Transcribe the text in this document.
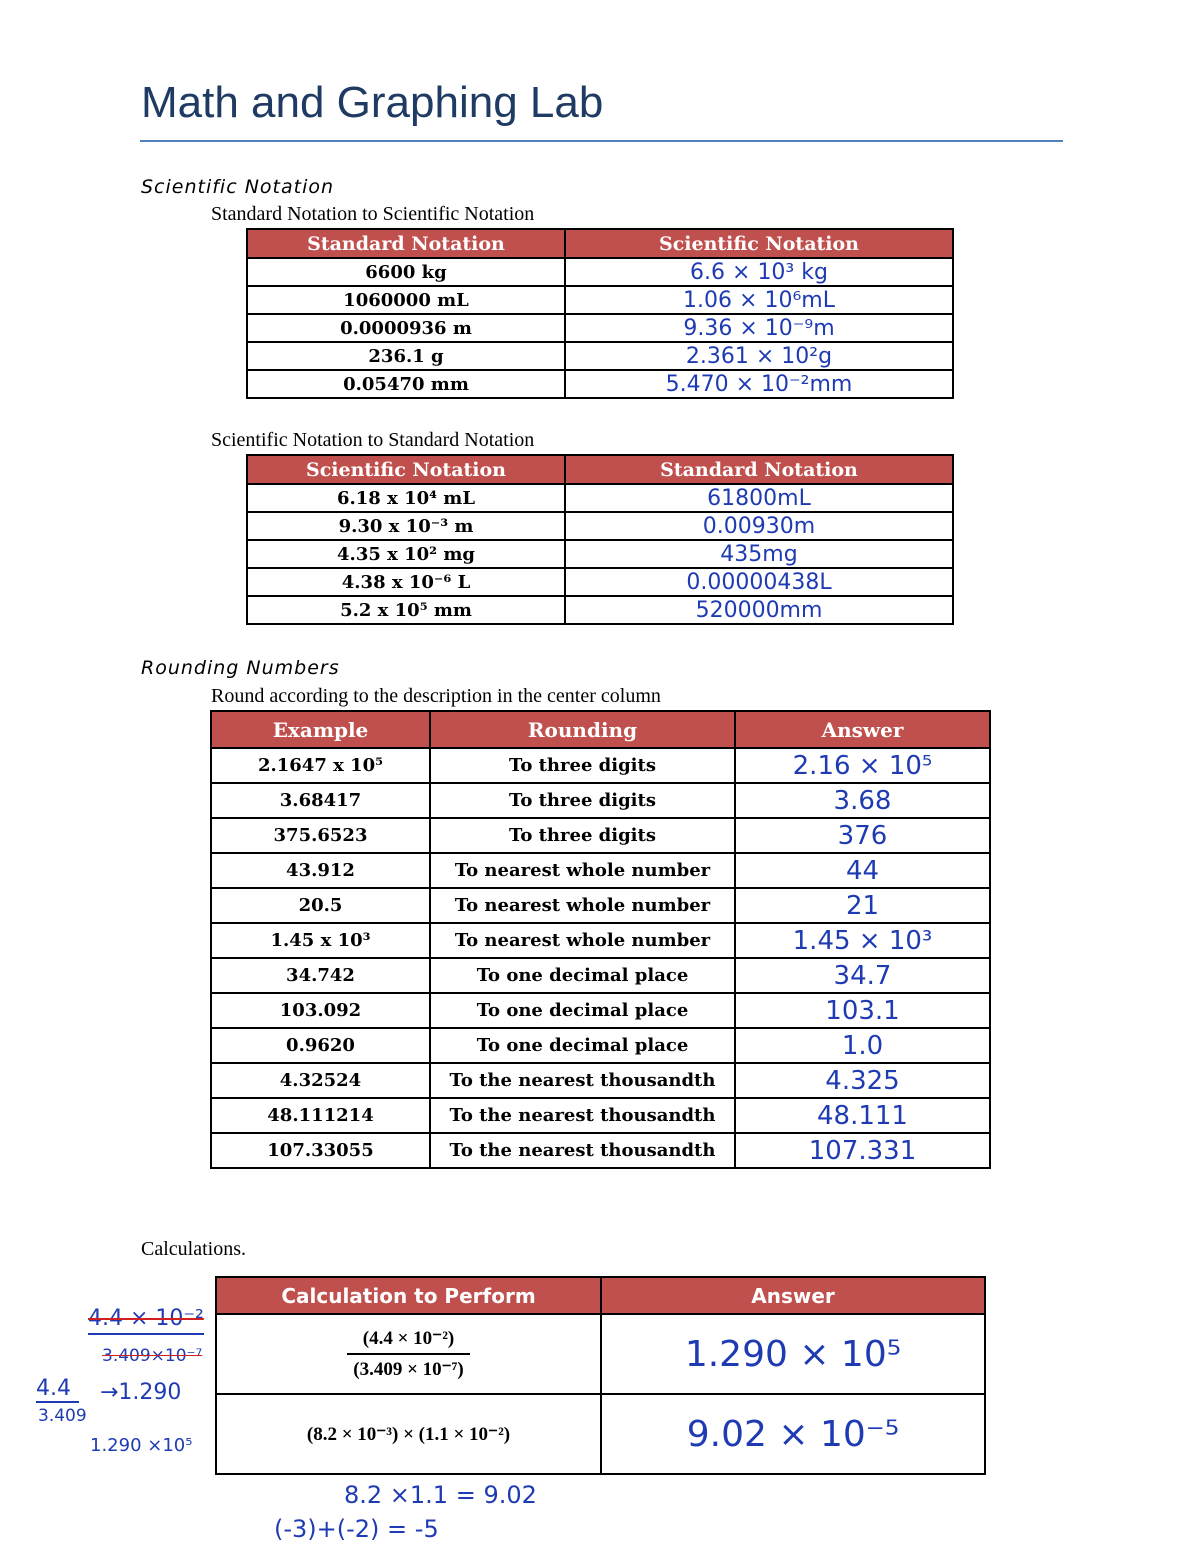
Math and Graphing Lab
Scientific Notation
Standard Notation to Scientific Notation
Standard Notation	Scientific Notation
6600 kg	6.6 × 10³ kg
1060000 mL	1.06 × 10⁶mL
0.0000936 m	9.36 × 10⁻⁹m
236.1 g	2.361 × 10²g
0.05470 mm	5.470 × 10⁻²mm
Scientific Notation to Standard Notation
Scientific Notation	Standard Notation
6.18 x 10⁴ mL	61800mL
9.30 x 10⁻³ m	0.00930m
4.35 x 10² mg	435mg
4.38 x 10⁻⁶ L	0.00000438L
5.2 x 10⁵ mm	520000mm
Rounding Numbers
Round according to the description in the center column
Example	Rounding	Answer
2.1647 x 10⁵	To three digits	2.16 × 10⁵
3.68417	To three digits	3.68
375.6523	To three digits	376
43.912	To nearest whole number	44
20.5	To nearest whole number	21
1.45 x 10³	To nearest whole number	1.45 × 10³
34.742	To one decimal place	34.7
103.092	To one decimal place	103.1
0.9620	To one decimal place	1.0
4.32524	To the nearest thousandth	4.325
48.111214	To the nearest thousandth	48.111
107.33055	To the nearest thousandth	107.331
Calculations.
Calculation to Perform	Answer

$\frac{\text{(4.4 × 10⁻²)}}{\text{(3.409 × 10⁻⁷)}}$	1.290 × 10⁵
(8.2 × 10⁻³) × (1.1 × 10⁻²)	9.02 × 10⁻⁵
4.4 × 10⁻²
3.409×10⁻⁷
4.4	→1.290
3.409
1.290 ×10⁵
8.2 ×1.1 = 9.02
(-3)+(-2) = -5
